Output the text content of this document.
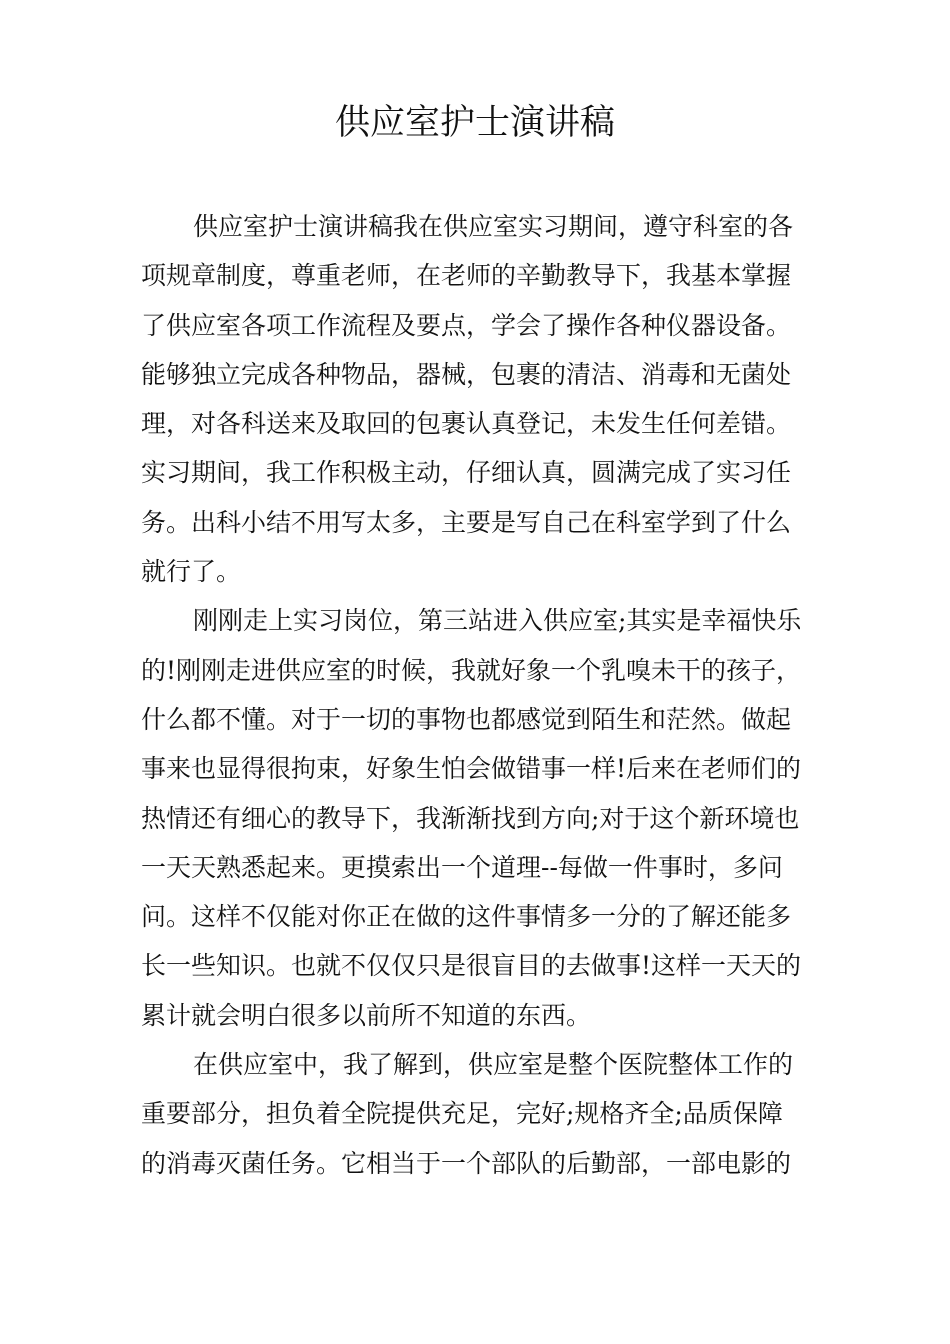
供应室护士演讲稿
供应室护士演讲稿我在供应室实习期间，遵守科室的各
项规章制度，尊重老师，在老师的辛勤教导下，我基本掌握
了供应室各项工作流程及要点，学会了操作各种仪器设备。
能够独立完成各种物品，器械，包裹的清洁、消毒和无菌处
理，对各科送来及取回的包裹认真登记，未发生任何差错。
实习期间，我工作积极主动，仔细认真，圆满完成了实习任
务。出科小结不用写太多，主要是写自己在科室学到了什么
就行了。
刚刚走上实习岗位，第三站进入供应室;其实是幸福快乐
的!刚刚走进供应室的时候，我就好象一个乳嗅未干的孩子，
什么都不懂。对于一切的事物也都感觉到陌生和茫然。做起
事来也显得很拘束，好象生怕会做错事一样!后来在老师们的
热情还有细心的教导下，我渐渐找到方向;对于这个新环境也
一天天熟悉起来。更摸索出一个道理--每做一件事时，多问
问。这样不仅能对你正在做的这件事情多一分的了解还能多
长一些知识。也就不仅仅只是很盲目的去做事!这样一天天的
累计就会明白很多以前所不知道的东西。
在供应室中，我了解到，供应室是整个医院整体工作的
重要部分，担负着全院提供充足，完好;规格齐全;品质保障
的消毒灭菌任务。它相当于一个部队的后勤部，一部电影的
